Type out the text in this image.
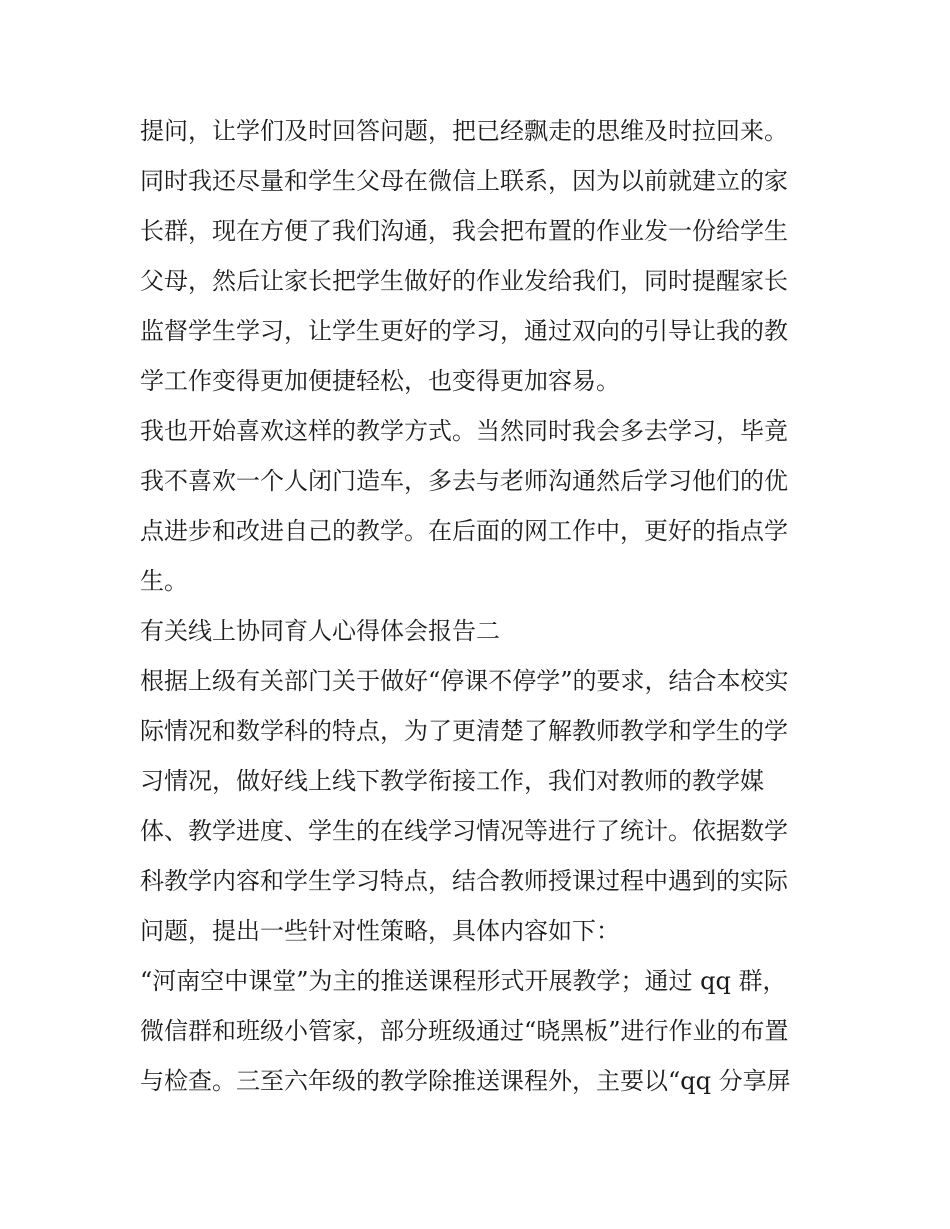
提问，让学们及时回答问题，把已经飘走的思维及时拉回来。
同时我还尽量和学生父母在微信上联系，因为以前就建立的家
长群，现在方便了我们沟通，我会把布置的作业发一份给学生
父母，然后让家长把学生做好的作业发给我们，同时提醒家长
监督学生学习，让学生更好的学习，通过双向的引导让我的教
学工作变得更加便捷轻松，也变得更加容易。
我也开始喜欢这样的教学方式。当然同时我会多去学习，毕竟
我不喜欢一个人闭门造车，多去与老师沟通然后学习他们的优
点进步和改进自己的教学。在后面的网工作中，更好的指点学
生。
有关线上协同育人心得体会报告二
根据上级有关部门关于做好“停课不停学”的要求，结合本校实
际情况和数学科的特点，为了更清楚了解教师教学和学生的学
习情况，做好线上线下教学衔接工作，我们对教师的教学媒
体、教学进度、学生的在线学习情况等进行了统计。依据数学
科教学内容和学生学习特点，结合教师授课过程中遇到的实际
问题，提出一些针对性策略，具体内容如下：
“河南空中课堂”为主的推送课程形式开展教学；通过 qq 群，
微信群和班级小管家，部分班级通过“晓黑板”进行作业的布置
与检查。三至六年级的教学除推送课程外，主要以“qq 分享屏
